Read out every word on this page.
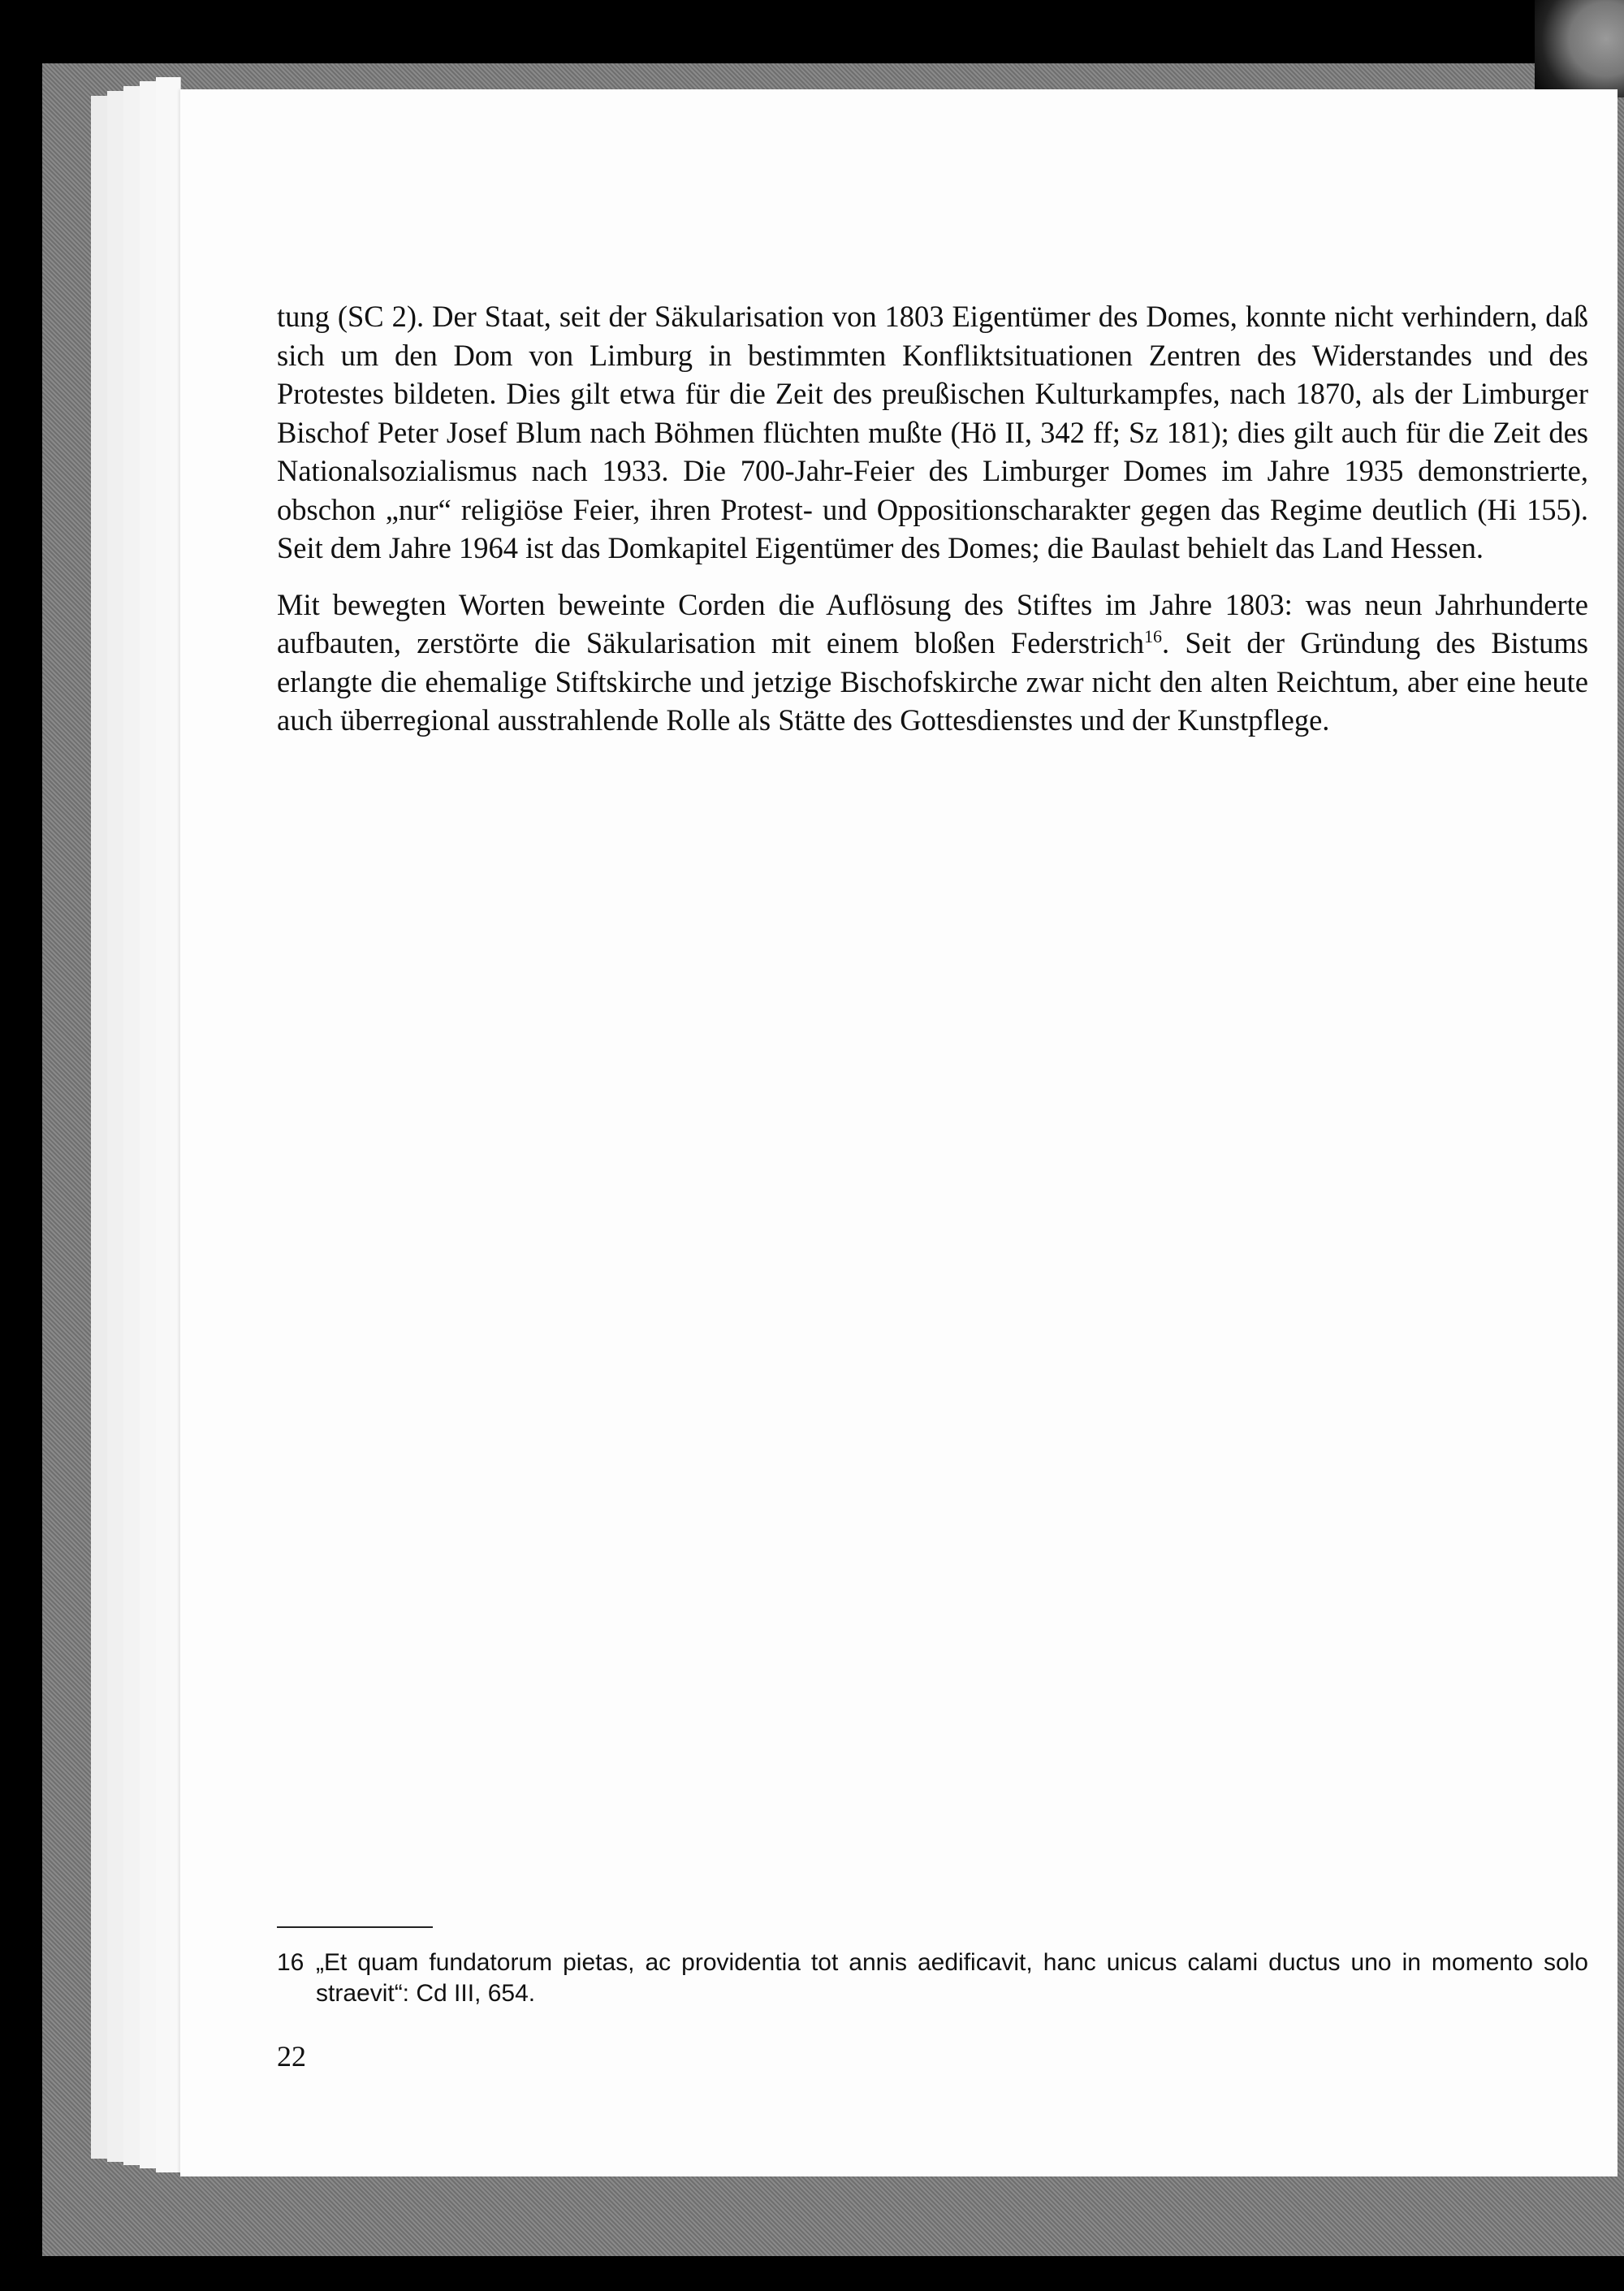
tung (SC 2). Der Staat, seit der Säkularisation von 1803 Eigentümer des Domes, konnte nicht verhindern, daß sich um den Dom von Limburg in bestimmten Konfliktsituationen Zentren des Widerstandes und des Protestes bildeten. Dies gilt etwa für die Zeit des preußischen Kulturkampfes, nach 1870, als der Limburger Bischof Peter Josef Blum nach Böhmen flüchten mußte (Hö II, 342 ff; Sz 181); dies gilt auch für die Zeit des Nationalsozialismus nach 1933. Die 700-Jahr-Feier des Limburger Domes im Jahre 1935 demonstrierte, obschon „nur“ religiöse Feier, ihren Protest- und Oppositionscharakter gegen das Regime deutlich (Hi 155). Seit dem Jahre 1964 ist das Domkapitel Eigentümer des Domes; die Baulast behielt das Land Hessen.

Mit bewegten Worten beweinte Corden die Auflösung des Stiftes im Jahre 1803: was neun Jahrhunderte aufbauten, zerstörte die Säkularisation mit einem bloßen Federstrich$^{16}$. Seit der Gründung des Bistums erlangte die ehemalige Stiftskirche und jetzige Bischofskirche zwar nicht den alten Reichtum, aber eine heute auch überregional ausstrahlende Rolle als Stätte des Gottesdienstes und der Kunstpflege.

16 „Et quam fundatorum pietas, ac providentia tot annis aedificavit, hanc unicus calami ductus uno in momento solo straevit“: Cd III, 654.
22
